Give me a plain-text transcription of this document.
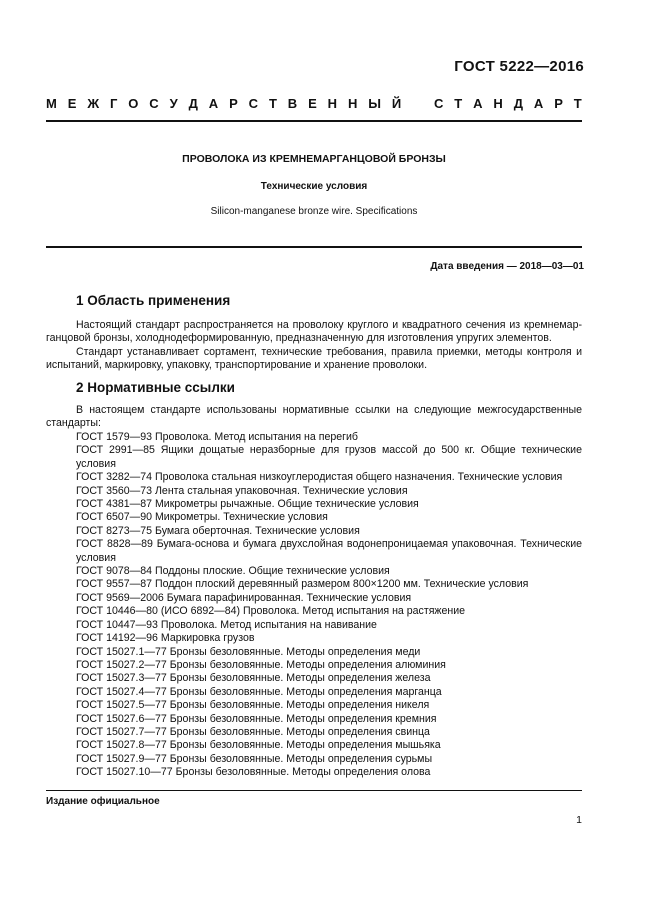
ГОСТ 5222—2016
М Е Ж Г О С У Д А Р С Т В Е Н Н Ы Й	С Т А Н Д А Р Т
ПРОВОЛОКА ИЗ КРЕМНЕМАРГАНЦОВОЙ БРОНЗЫ
Технические условия
Silicon-manganese bronze wire. Specifications
Дата введения — 2018—03—01
1 Область применения

Настоящий стандарт распространяется на проволоку круглого и квадратного сечения из кремнемарганцовой бронзы, холоднодеформированную, предназначенную для изготовления упругих элементов.

Стандарт устанавливает сортамент, технические требования, правила приемки, методы контроля и испытаний, маркировку, упаковку, транспортирование и хранение проволоки.

2 Нормативные ссылки

В настоящем стандарте использованы нормативные ссылки на следующие межгосударственные стандарты:

ГОСТ 1579—93 Проволока. Метод испытания на перегиб
ГОСТ 2991—85 Ящики дощатые неразборные для грузов массой до 500 кг. Общие технические условия
ГОСТ 3282—74 Проволока стальная низкоуглеродистая общего назначения. Технические условия
ГОСТ 3560—73 Лента стальная упаковочная. Технические условия
ГОСТ 4381—87 Микрометры рычажные. Общие технические условия
ГОСТ 6507—90 Микрометры. Технические условия
ГОСТ 8273—75 Бумага оберточная. Технические условия
ГОСТ 8828—89 Бумага-основа и бумага двухслойная водонепроницаемая упаковочная. Технические условия
ГОСТ 9078—84 Поддоны плоские. Общие технические условия
ГОСТ 9557—87 Поддон плоский деревянный размером 800×1200 мм. Технические условия
ГОСТ 9569—2006 Бумага парафинированная. Технические условия
ГОСТ 10446—80 (ИСО 6892—84) Проволока. Метод испытания на растяжение
ГОСТ 10447—93 Проволока. Метод испытания на навивание
ГОСТ 14192—96 Маркировка грузов
ГОСТ 15027.1—77 Бронзы безоловянные. Методы определения меди
ГОСТ 15027.2—77 Бронзы безоловянные. Методы определения алюминия
ГОСТ 15027.3—77 Бронзы безоловянные. Методы определения железа
ГОСТ 15027.4—77 Бронзы безоловянные. Методы определения марганца
ГОСТ 15027.5—77 Бронзы безоловянные. Методы определения никеля
ГОСТ 15027.6—77 Бронзы безоловянные. Методы определения кремния
ГОСТ 15027.7—77 Бронзы безоловянные. Методы определения свинца
ГОСТ 15027.8—77 Бронзы безоловянные. Методы определения мышьяка
ГОСТ 15027.9—77 Бронзы безоловянные. Методы определения сурьмы
ГОСТ 15027.10—77 Бронзы безоловянные. Методы определения олова
Издание официальное
1
